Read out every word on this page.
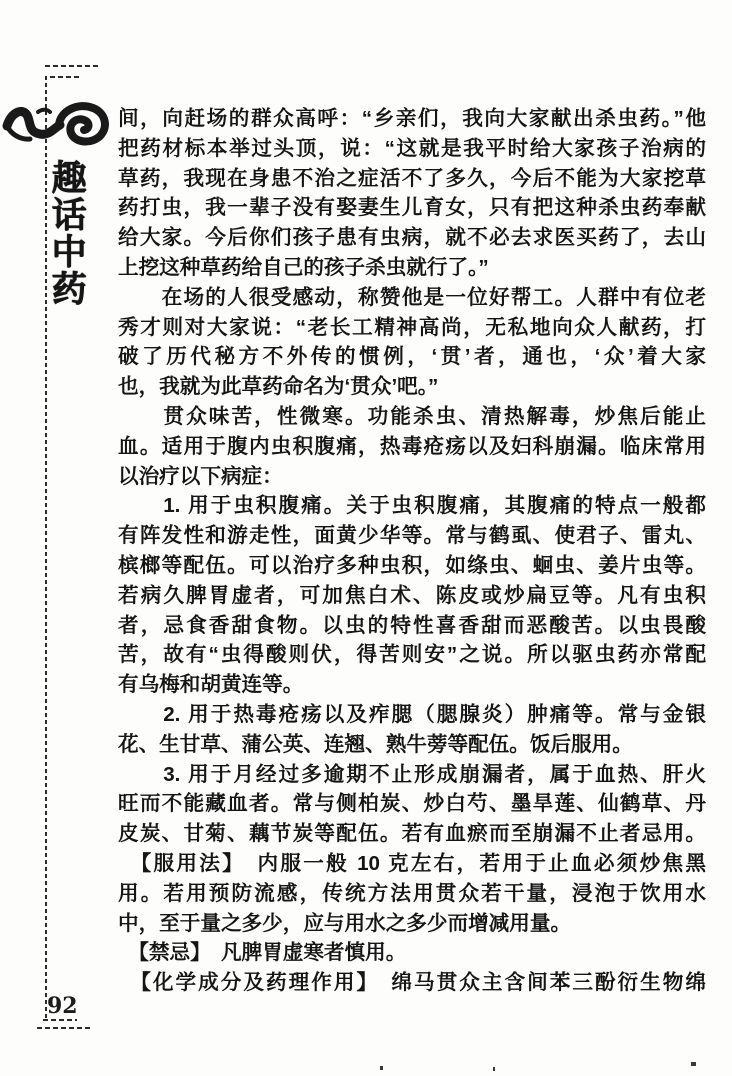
趣
话
中
药
间，向赶场的群众高呼：“乡亲们，我向大家献出杀虫药。”他
把药材标本举过头顶，说：“这就是我平时给大家孩子治病的
草药，我现在身患不治之症活不了多久，今后不能为大家挖草
药打虫，我一辈子没有娶妻生儿育女，只有把这种杀虫药奉献
给大家。今后你们孩子患有虫病，就不必去求医买药了，去山
上挖这种草药给自己的孩子杀虫就行了。”
　　在场的人很受感动，称赞他是一位好帮工。人群中有位老
秀才则对大家说：“老长工精神高尚，无私地向众人献药，打
破了历代秘方不外传的惯例，‘贯’者，通也，‘众’着大家
也，我就为此草药命名为‘贯众’吧。”
　　贯众味苦，性微寒。功能杀虫、清热解毒，炒焦后能止
血。适用于腹内虫积腹痛，热毒疮疡以及妇科崩漏。临床常用
以治疗以下病症：
　　1. 用于虫积腹痛。关于虫积腹痛，其腹痛的特点一般都
有阵发性和游走性，面黄少华等。常与鹤虱、使君子、雷丸、
槟榔等配伍。可以治疗多种虫积，如绦虫、蛔虫、姜片虫等。
若病久脾胃虚者，可加焦白术、陈皮或炒扁豆等。凡有虫积
者，忌食香甜食物。以虫的特性喜香甜而恶酸苦。以虫畏酸
苦，故有“虫得酸则伏，得苦则安”之说。所以驱虫药亦常配
有乌梅和胡黄连等。
　　2. 用于热毒疮疡以及痄腮（腮腺炎）肿痛等。常与金银
花、生甘草、蒲公英、连翘、熟牛蒡等配伍。饭后服用。
　　3. 用于月经过多逾期不止形成崩漏者，属于血热、肝火
旺而不能藏血者。常与侧柏炭、炒白芍、墨旱莲、仙鹤草、丹
皮炭、甘菊、藕节炭等配伍。若有血瘀而至崩漏不止者忌用。
　【服用法】　内服一般 10 克左右，若用于止血必须炒焦黑
用。若用预防流感，传统方法用贯众若干量，浸泡于饮用水
中，至于量之多少，应与用水之多少而增减用量。
　【禁忌】　凡脾胃虚寒者慎用。
　【化学成分及药理作用】　绵马贯众主含间苯三酚衍生物绵
92
